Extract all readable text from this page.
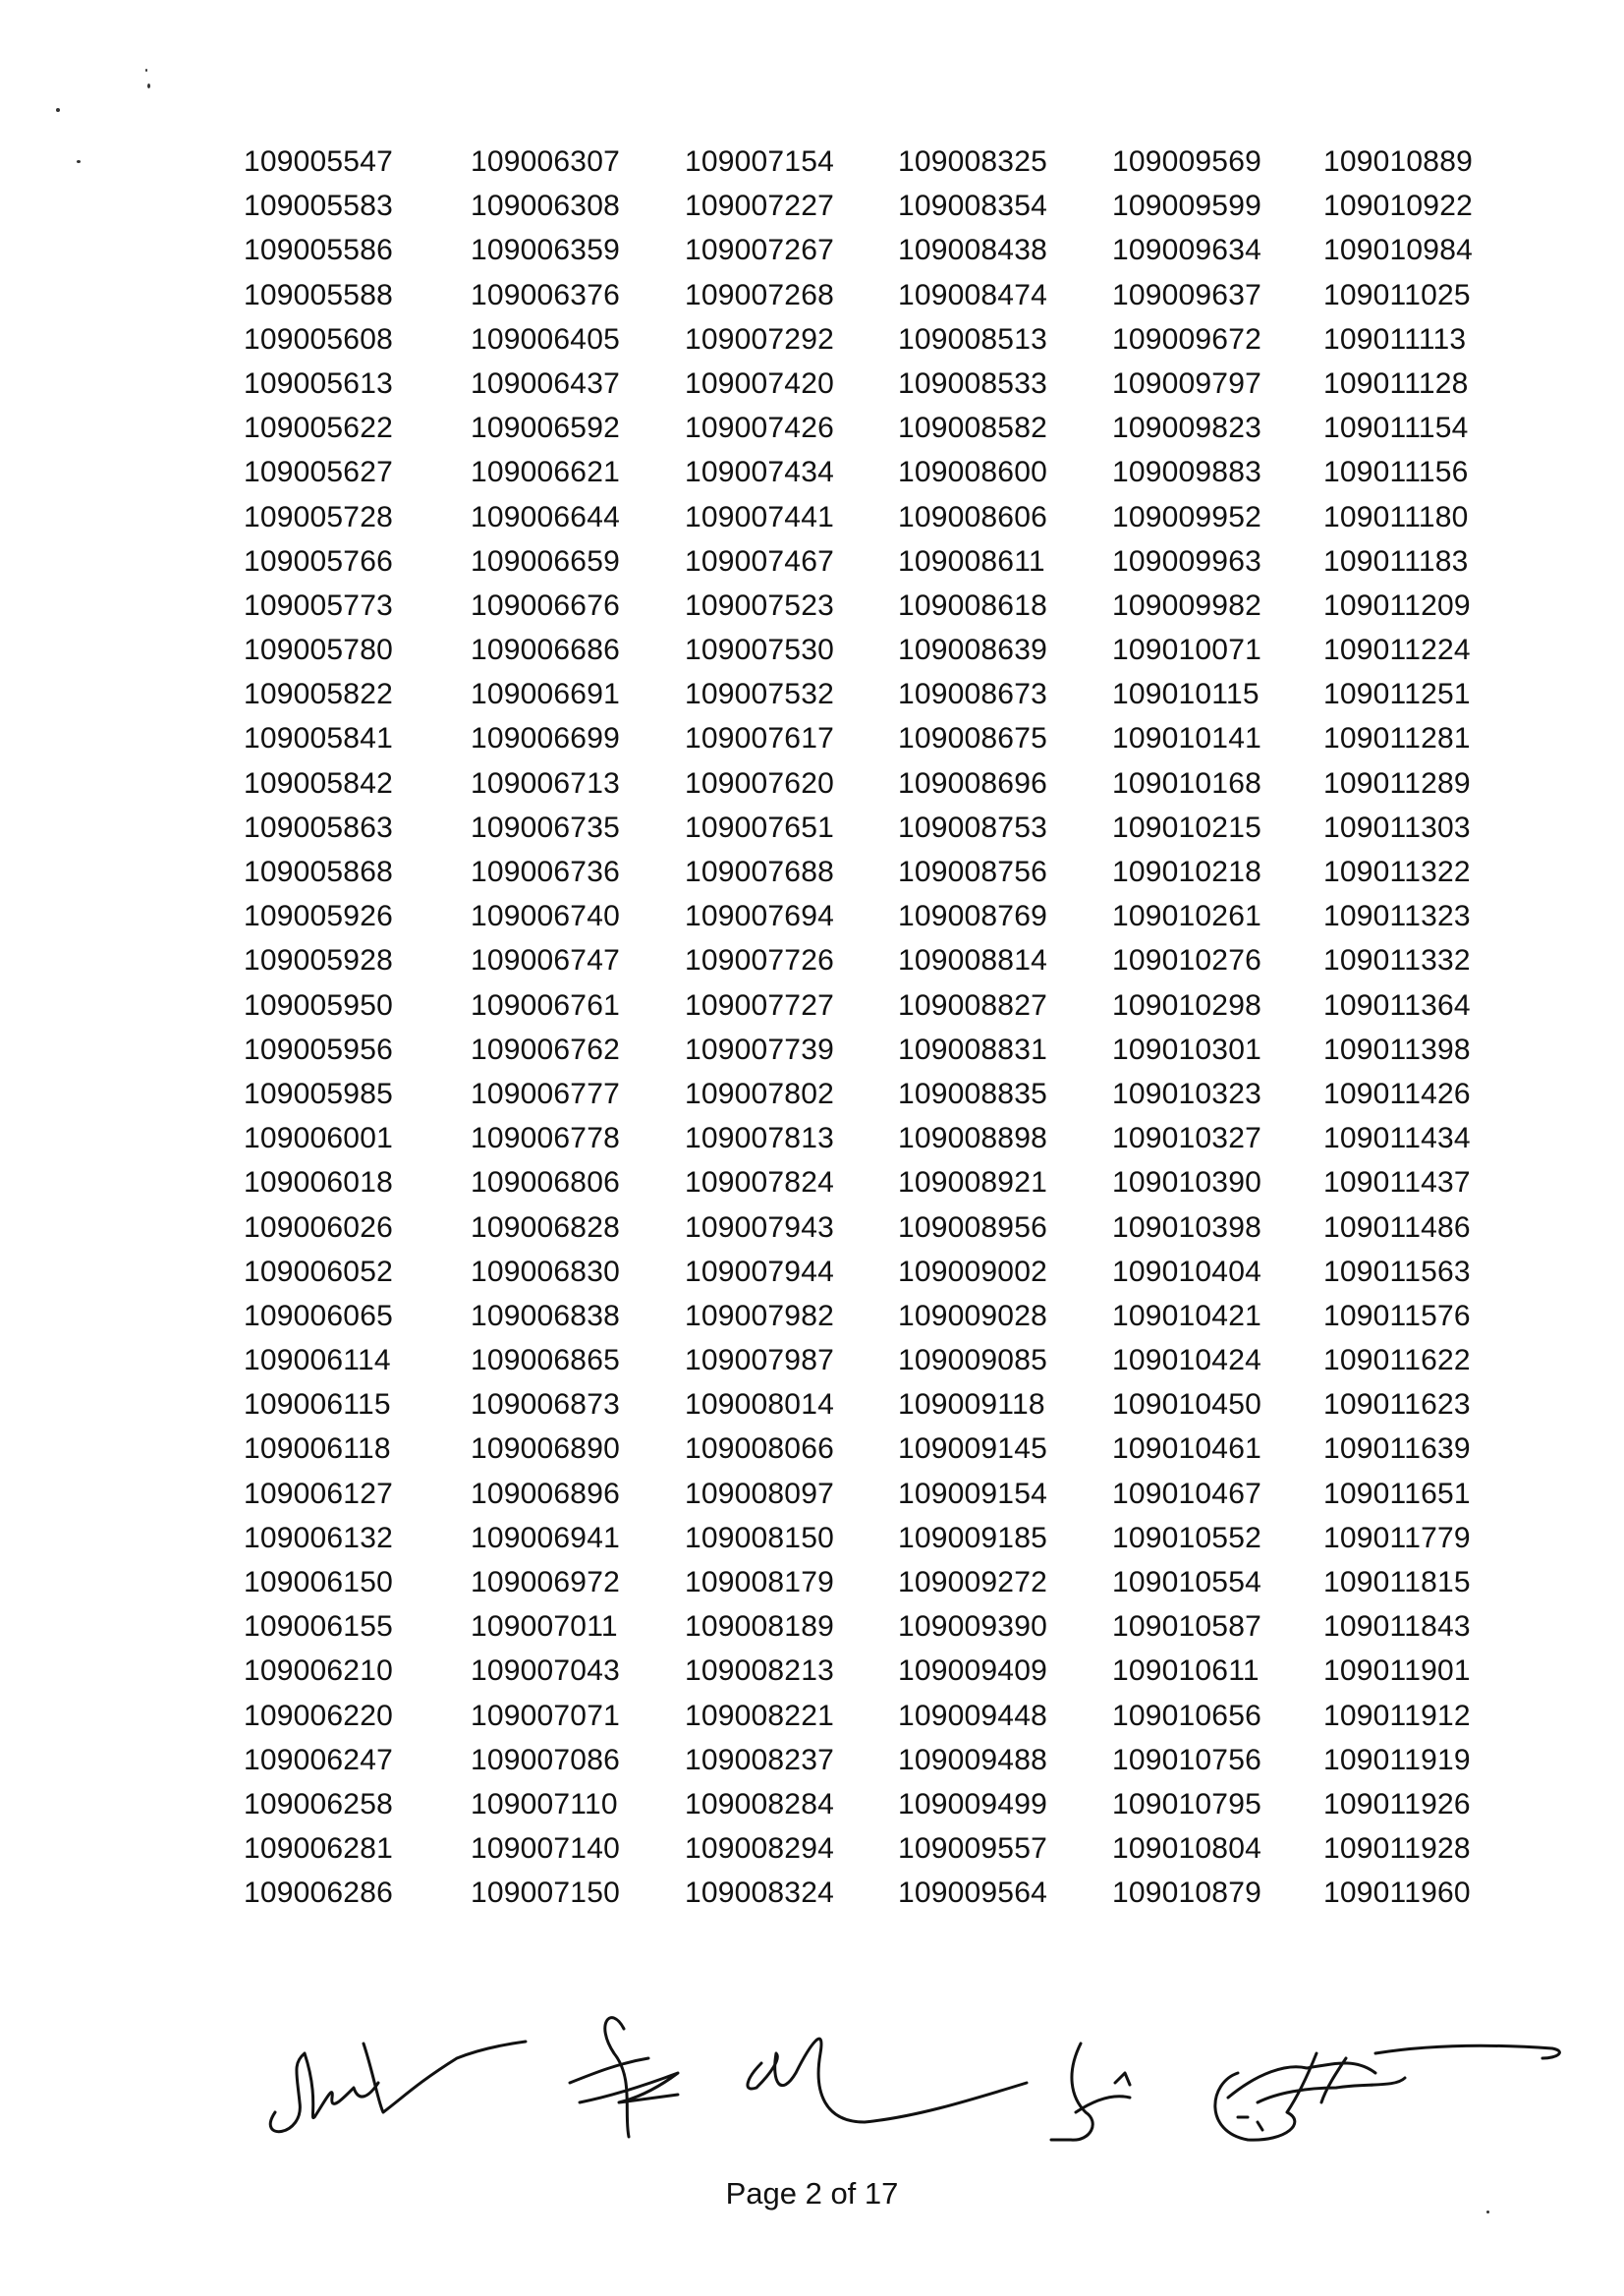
109005547	109006307	109007154	109008325	109009569	109010889
109005583	109006308	109007227	109008354	109009599	109010922
109005586	109006359	109007267	109008438	109009634	109010984
109005588	109006376	109007268	109008474	109009637	109011025
109005608	109006405	109007292	109008513	109009672	109011113
109005613	109006437	109007420	109008533	109009797	109011128
109005622	109006592	109007426	109008582	109009823	109011154
109005627	109006621	109007434	109008600	109009883	109011156
109005728	109006644	109007441	109008606	109009952	109011180
109005766	109006659	109007467	109008611	109009963	109011183
109005773	109006676	109007523	109008618	109009982	109011209
109005780	109006686	109007530	109008639	109010071	109011224
109005822	109006691	109007532	109008673	109010115	109011251
109005841	109006699	109007617	109008675	109010141	109011281
109005842	109006713	109007620	109008696	109010168	109011289
109005863	109006735	109007651	109008753	109010215	109011303
109005868	109006736	109007688	109008756	109010218	109011322
109005926	109006740	109007694	109008769	109010261	109011323
109005928	109006747	109007726	109008814	109010276	109011332
109005950	109006761	109007727	109008827	109010298	109011364
109005956	109006762	109007739	109008831	109010301	109011398
109005985	109006777	109007802	109008835	109010323	109011426
109006001	109006778	109007813	109008898	109010327	109011434
109006018	109006806	109007824	109008921	109010390	109011437
109006026	109006828	109007943	109008956	109010398	109011486
109006052	109006830	109007944	109009002	109010404	109011563
109006065	109006838	109007982	109009028	109010421	109011576
109006114	109006865	109007987	109009085	109010424	109011622
109006115	109006873	109008014	109009118	109010450	109011623
109006118	109006890	109008066	109009145	109010461	109011639
109006127	109006896	109008097	109009154	109010467	109011651
109006132	109006941	109008150	109009185	109010552	109011779
109006150	109006972	109008179	109009272	109010554	109011815
109006155	109007011	109008189	109009390	109010587	109011843
109006210	109007043	109008213	109009409	109010611	109011901
109006220	109007071	109008221	109009448	109010656	109011912
109006247	109007086	109008237	109009488	109010756	109011919
109006258	109007110	109008284	109009499	109010795	109011926
109006281	109007140	109008294	109009557	109010804	109011928
109006286	109007150	109008324	109009564	109010879	109011960
Page 2 of 17
